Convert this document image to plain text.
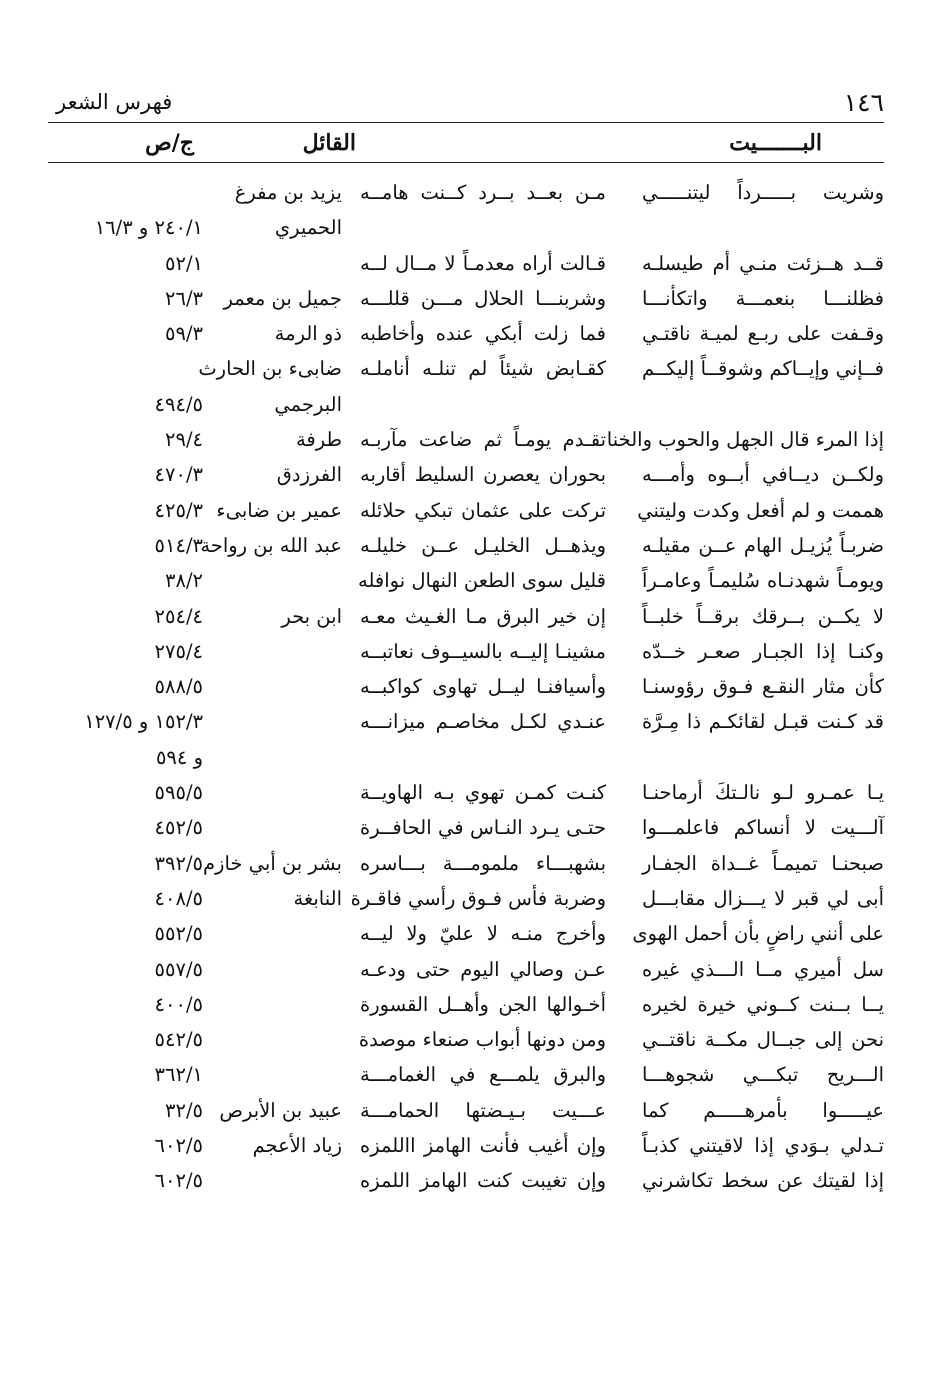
١٤٦
فهرس الشعر
البـــــــيت
القائل
ج/ص
وشريت بـــــرداً ليتنـــــي
مـن بعــد بــرد كــنت هامــه
يزيد بن مفرغ
الحميري
٢٤٠/١ و ١٦/٣
قــد هــزئت منـي أم طيسلـه
قـالت أراه معدمـاً لا مــال لــه
٥٢/١
فظلنـــا بنعمـــة واتكأنـــا
وشربنـــا الحلال مـــن قللـــه
جميل بن معمر
٢٦/٣
وقـفت على ربـع لميـة ناقتـي
فما زلت أبكي عنده وأخاطبه
ذو الرمة
٥٩/٣
فــإني وإيــاكم وشوقــاً إليكــم
كقـابض شيئاً لم تنلـه أناملـه
ضابىء بن الحارث
البرجمي
٤٩٤/٥
إذا المرء قال الجهل والحوب والخنا
تقـدم يومـاً ثم ضاعت مآربـه
طرفة
٢٩/٤
ولكــن ديــافي أبــوه وأمـــه
بحوران يعصرن السليط أقاربه
الفرزدق
٤٧٠/٣
هممت و لم أفعل وكدت وليتني
تركت على عثمان تبكي حلائله
عمير بن ضابىء
٤٢٥/٣
ضربـاً يُزيـل الهام عــن مقيلـه
ويذهــل الخليـل عــن خليلـه
عبد الله بن رواحة
٥١٤/٣
ويومـاً شهدنـاه سُليمـاً وعامـراً
قليل سوى الطعن النهال نوافله
٣٨/٢
لا يكــن بــرقك برقــاً خلبــاً
إن خير البرق مـا الغـيث معـه
ابن بحر
٢٥٤/٤
وكنـا إذا الجبـار صعـر خــدّه
مشينـا إليــه بالسيــوف نعاتبــه
٢٧٥/٤
كأن مثار النقـع فـوق رؤوسنـا
وأسيافنـا ليــل تهاوى كواكبــه
٥٨٨/٥
قد كـنت قبـل لقائكـم ذا مِـرَّة
عنـدي لكـل مخاصـم ميزانـــه
١٥٢/٣ و ١٢٧/٥
و ٥٩٤
يـا عمـرو لـو نالـتكَ أرماحنـا
كنـت كمـن تهوي بـه الهاويــة
٥٩٥/٥
آلـــيت لا أنساكم فاعلمـــوا
حتـى يـرد النـاس في الحافــرة
٤٥٢/٥
صبحنـا تميمـاً غــداة الجفـار
بشهبـــاء ملمومـــة بـــاسره
بشر بن أبي خازم
٣٩٢/٥
أبى لي قبر لا يـــزال مقابـــل
وضربة فأس فـوق رأسي فاقـرة
النابغة
٤٠٨/٥
على أنني راضٍ بأن أحمل الهوى
وأخرج منـه لا عليّ ولا ليــه
٥٥٢/٥
سل أميري مــا الـــذي غيره
عـن وصالي اليوم حتى ودعـه
٥٥٧/٥
يــا بــنت كــوني خيرة لخيره
أخـوالها الجن وأهــل القسورة
٤٠٠/٥
نحن إلى جبــال مكــة ناقتــي
ومن دونها أبواب صنعاء موصدة
٥٤٢/٥
الـــريح تبكـــي شجوهـــا
والبرق يلمـــع في الغمامـــة
٣٦٢/١
عيـــــوا بأمرهـــــم كما
عـــيت بـيـضتها الحمامـــة
عبيد بن الأبرص
٣٢/٥
تـدلي بـوَدي إذا لاقيتني كذبـاً
وإن أغيب فأنت الهامز االلمزه
زياد الأعجم
٦٠٢/٥
إذا لقيتك عن سخط تكاشرني
وإن تغيبت كنت الهامز اللمزه
٦٠٢/٥
